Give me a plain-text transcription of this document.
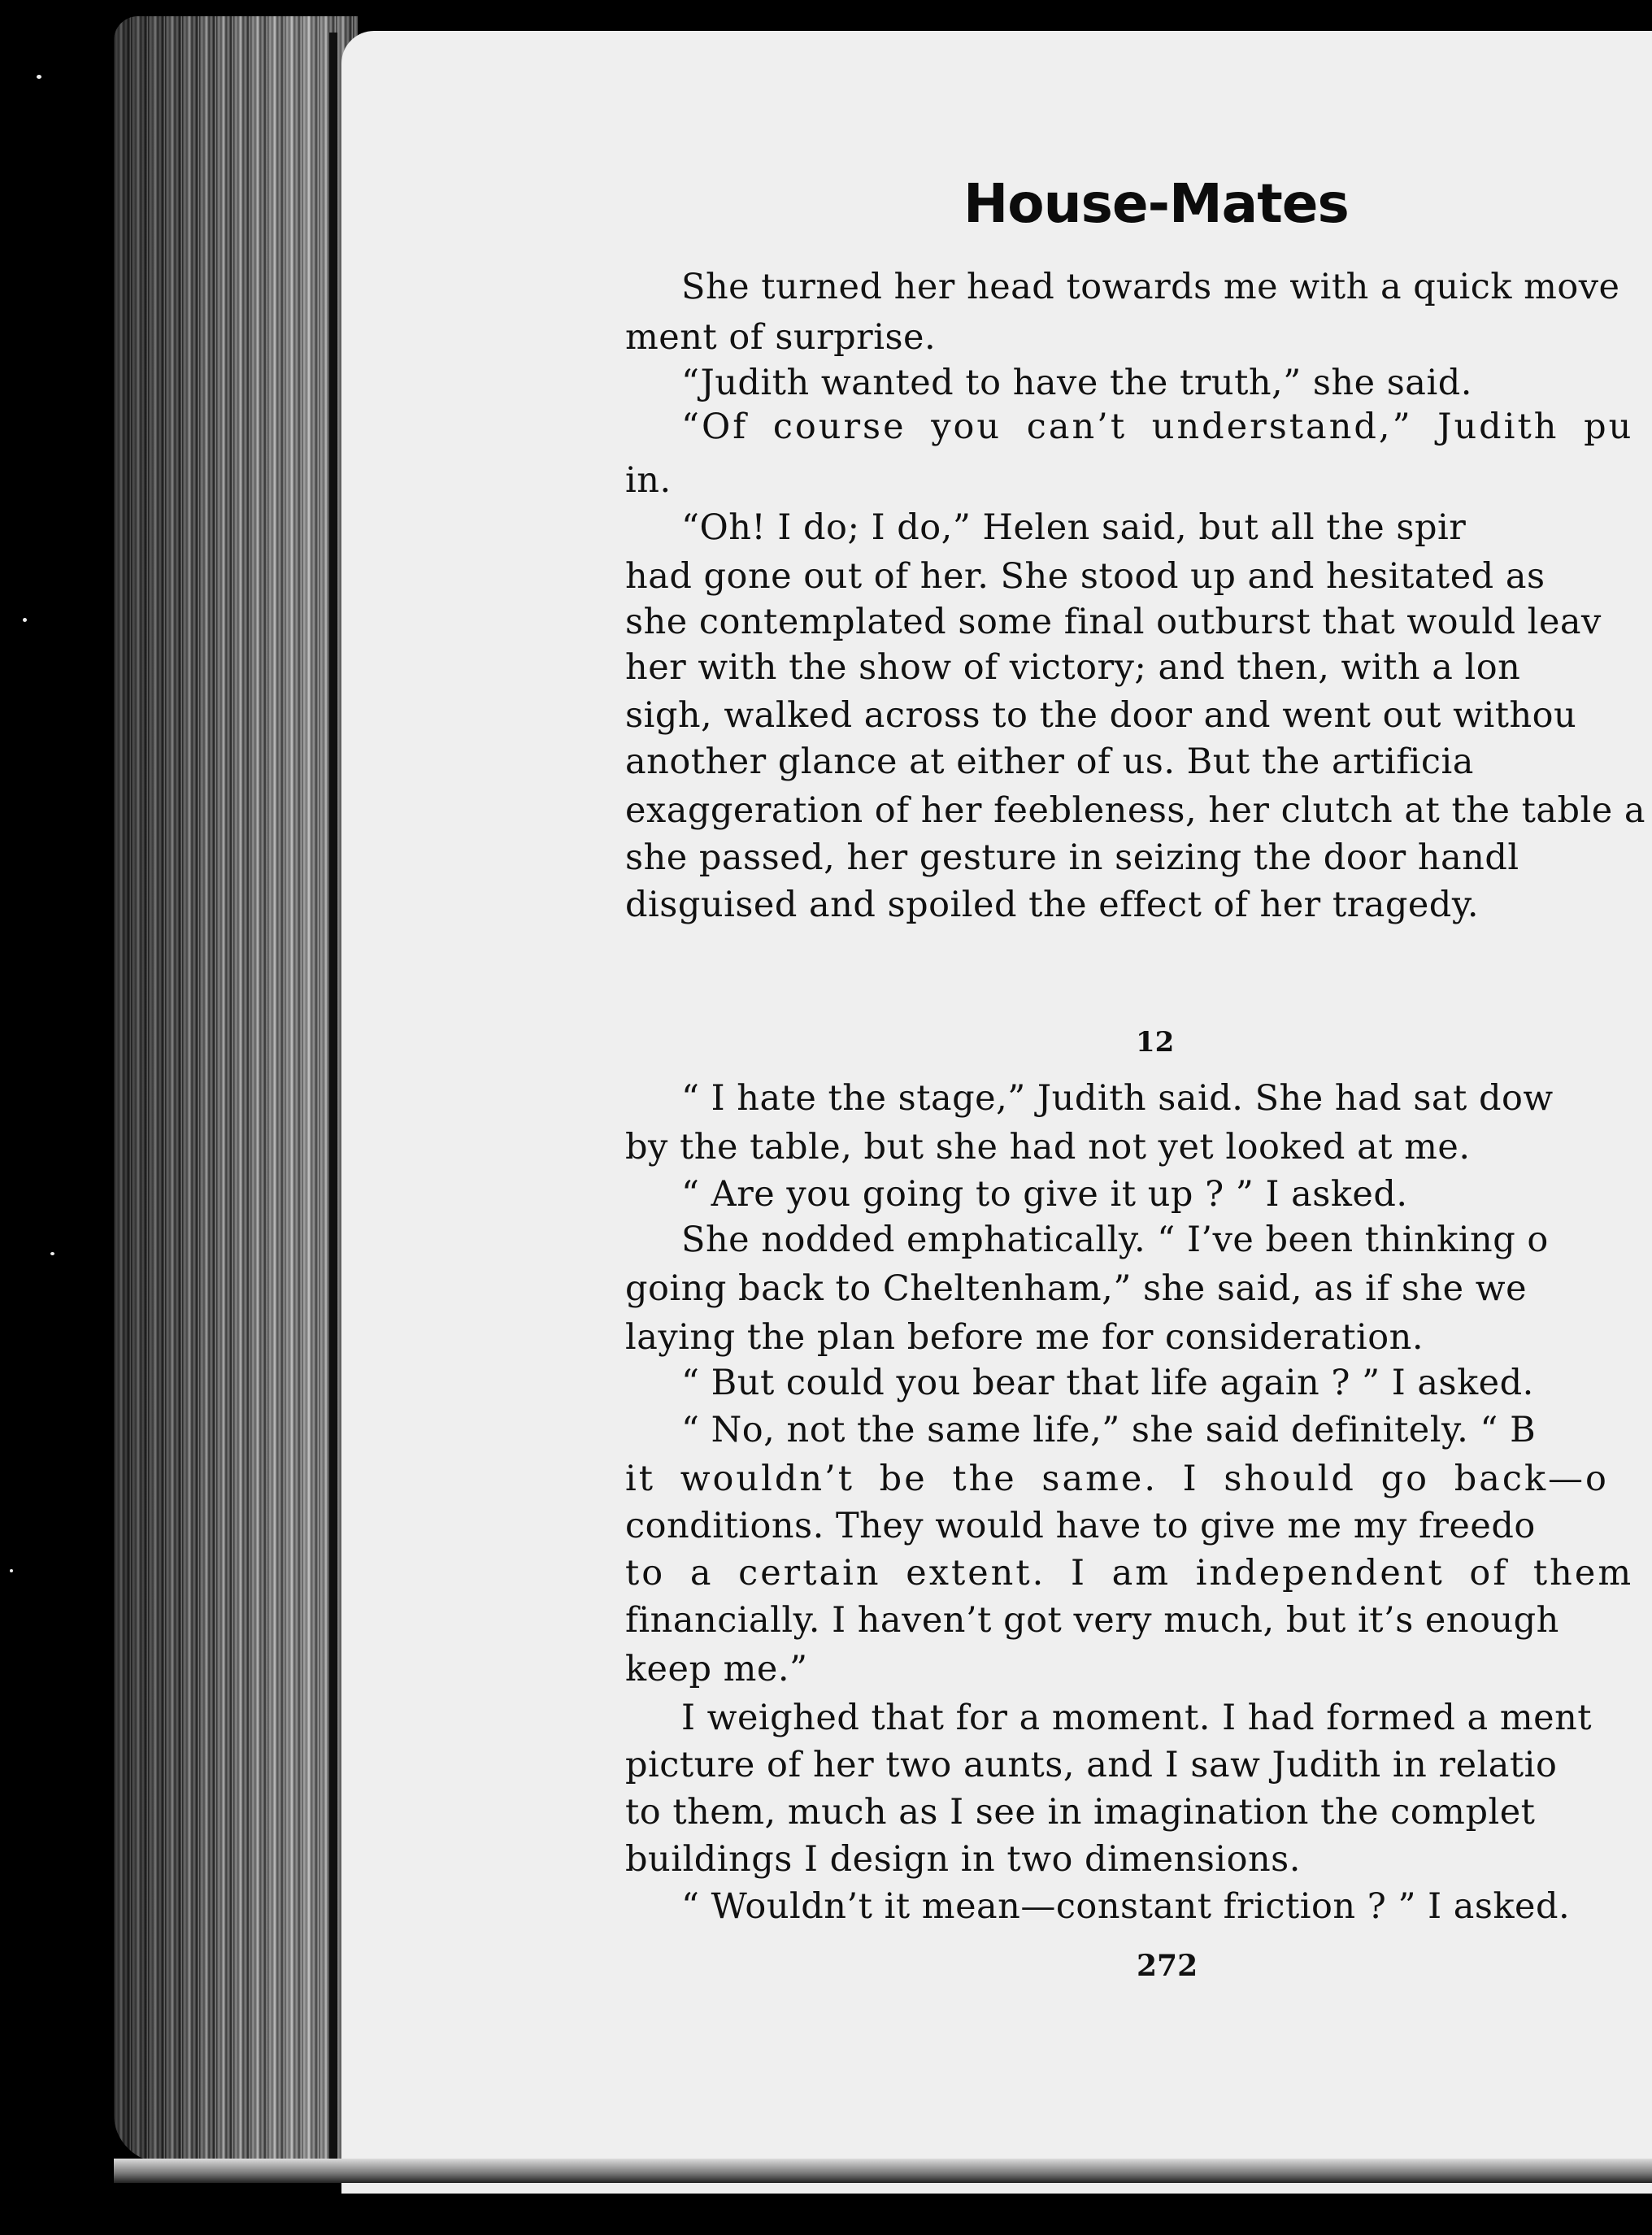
House-Mates

She turned her head towards me with a quick move

ment of surprise.

“Judith wanted to have the truth,” she said.

“Of course you can’t understand,” Judith pu

in.

“Oh! I do; I do,” Helen said, but all the spir

had gone out of her. She stood up and hesitated as

she contemplated some final outburst that would leav

her with the show of victory; and then, with a lon

sigh, walked across to the door and went out withou

another glance at either of us. But the artificia

exaggeration of her feebleness, her clutch at the table a

she passed, her gesture in seizing the door handl

disguised and spoiled the effect of her tragedy.

12

“ I hate the stage,” Judith said. She had sat dow

by the table, but she had not yet looked at me.

“ Are you going to give it up ? ” I asked.

She nodded emphatically. “ I’ve been thinking o

going back to Cheltenham,” she said, as if she we

laying the plan before me for consideration.

“ But could you bear that life again ? ” I asked.

“ No, not the same life,” she said definitely. “ B

it wouldn’t be the same. I should go back—o

conditions. They would have to give me my freedo

to a certain extent. I am independent of them

financially. I haven’t got very much, but it’s enough

keep me.”

I weighed that for a moment. I had formed a ment

picture of her two aunts, and I saw Judith in relatio

to them, much as I see in imagination the complet

buildings I design in two dimensions.

“ Wouldn’t it mean—constant friction ? ” I asked.

272
